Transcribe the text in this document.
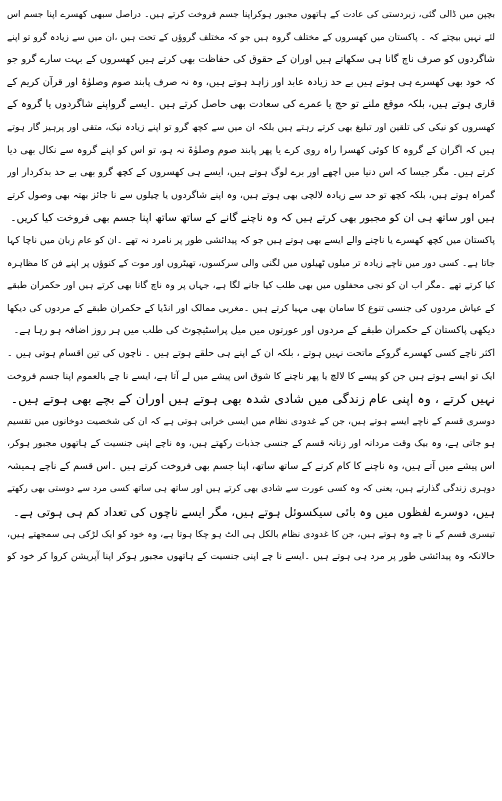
بچپن میں ڈالی گئی، زبردستی کی عادت کے ہاتھوں مجبور ہوکراپنا جسم فروخت کرتے ہیں۔ دراصل سبھی کھسرے اپنا جسم اس
لئے نہیں بیچتے کہ ۔ پاکستان میں کھسروں کے مختلف گروہ ہیں جو کہ مختلف گروؤں کے تحت ہیں ،ان میں سے زیادہ گرو تو اپنے
شاگردوں کو صرف ناچ گانا ہی سکھاتے ہیں اوران کے حقوق کی حفاظت بھی کرتے ہیں کھسروں کے بہت سارے گرو جو
کہ خود بھی کھسرے ہی ہوتے ہیں بے حد زیادہ عابد اور زاہد ہوتے ہیں، وہ نہ صرف پابند صوم وصلوٰۃ اور قرآن کریم کے
قاری ہوتے ہیں، بلکہ موقع ملنے تو حج یا عمرے کی سعادت بھی حاصل کرتے ہیں ۔ایسے گرواپنے شاگردوں یا گروہ کے
کھسروں کو نیکی کی تلقین اور تبلیغ بھی کرتے رہتے ہیں بلکہ ان میں سے کچھ گرو تو اپنے زیادہ نیک، متقی اور پرہیز گار ہوتے
ہیں کہ اگران کے گروہ کا کوئی کھسرا راہ روی کرے یا پھر پابند صوم وصلوٰۃ نہ ہو، تو اس کو اپنے گروہ سے نکال بھی دیا
کرتے ہیں۔ مگر جیسا کہ اس دنیا میں اچھے اور برے لوگ ہوتے ہیں، ایسے ہی کھسروں کے کچھ گرو بھی بے حد بدکردار اور
گمراہ ہوتے ہیں، بلکہ کچھ تو حد سے زیادہ لالچی بھی ہوتے ہیں، وہ اپنے شاگردوں یا چیلوں سے نا جائز بھتہ بھی وصول کرتے
ہیں اور ساتھ ہی ان کو مجبور بھی کرتے ہیں کہ وہ ناچنے گانے کے ساتھ ساتھ اپنا جسم بھی فروخت کیا کریں۔
پاکستان میں کچھ کھسرے یا ناچنے والے ایسے بھی ہوتے ہیں جو کہ پیدائشی طور پر نامرد نہ تھے ۔ان کو عام زبان میں ناچا کہا
جاتا ہے۔ کسی دور میں ناچے زیادہ تر میلوں ٹھیلوں میں لگنی والی سرکسوں، تھیٹروں اور موت کے کنوؤں پر اپنے فن کا مظاہرہ
کیا کرتے تھے ۔مگر اب ان کو نجی محفلوں میں بھی طلب کیا جانے لگا ہے، جہاں پر وہ ناچ گانا بھی کرتے ہیں اور حکمران طبقے
کے عیاش مردوں کی جنسی تنوع کا سامان بھی مہیا کرتے ہیں ۔مغربی ممالک اور انڈیا کے حکمران طبقے کے مردوں کی دیکھا
دیکھی پاکستان کے حکمران طبقے کے مردوں اور عورتوں میں میل پراسٹیچوٹ کی طلب میں ہر روز اضافہ ہو رہا ہے۔
اکثر ناچے کسی کھسرے گروکے ماتحت نہیں ہوتے ، بلکہ ان کے اپنے ہی حلقے ہوتے ہیں ۔ ناچوں کی تین اقسام ہوتی ہیں ۔
ایک تو ایسے ہوتے ہیں جن کو پیسے کا لالچ یا پھر ناچنے کا شوق اس پیشے میں لے آتا ہے، ایسے نا چے بالعموم اپنا جسم فروخت
نہیں کرتے ، وہ اپنی عام زندگی میں شادی شدہ بھی ہوتے ہیں اوران کے بچے بھی ہوتے ہیں۔
دوسری قسم کے ناچے ایسے ہوتے ہیں، جن کے غدودی نظام میں ایسی خرابی ہوتی ہے کہ ان کی شخصیت دوخانوں میں تقسیم
ہو جاتی ہے، وہ بیک وقت مردانہ اور زنانہ قسم کے جنسی جذبات رکھتے ہیں، وہ ناچے اپنی جنسیت کے ہاتھوں مجبور ہوکر،
اس پیشے میں آتے ہیں، وہ ناچنے کا کام کرنے کے ساتھ ساتھ، اپنا جسم بھی فروخت کرتے ہیں ۔اس قسم کے ناچے ہمیشہ
دوہری زندگی گذارتے ہیں، یعنی کہ وہ کسی عورت سے شادی بھی کرتے ہیں اور ساتھ ہی ساتھ کسی مرد سے دوستی بھی رکھتے
ہیں، دوسرے لفظوں میں وہ بائی سیکسوئل ہوتے ہیں، مگر ایسے ناچوں کی تعداد کم ہی ہوتی ہے۔
تیسری قسم کے نا چے وہ ہوتے ہیں، جن کا غدودی نظام بالکل ہی الٹ ہو چکا ہوتا ہے، وہ خود کو ایک لڑکی ہی سمجھتے ہیں،
حالانکہ وہ پیدائشی طور پر مرد ہی ہوتے ہیں ۔ایسے نا چے اپنی جنسیت کے ہاتھوں مجبور ہوکر اپنا آپریشن کروا کر خود کو
